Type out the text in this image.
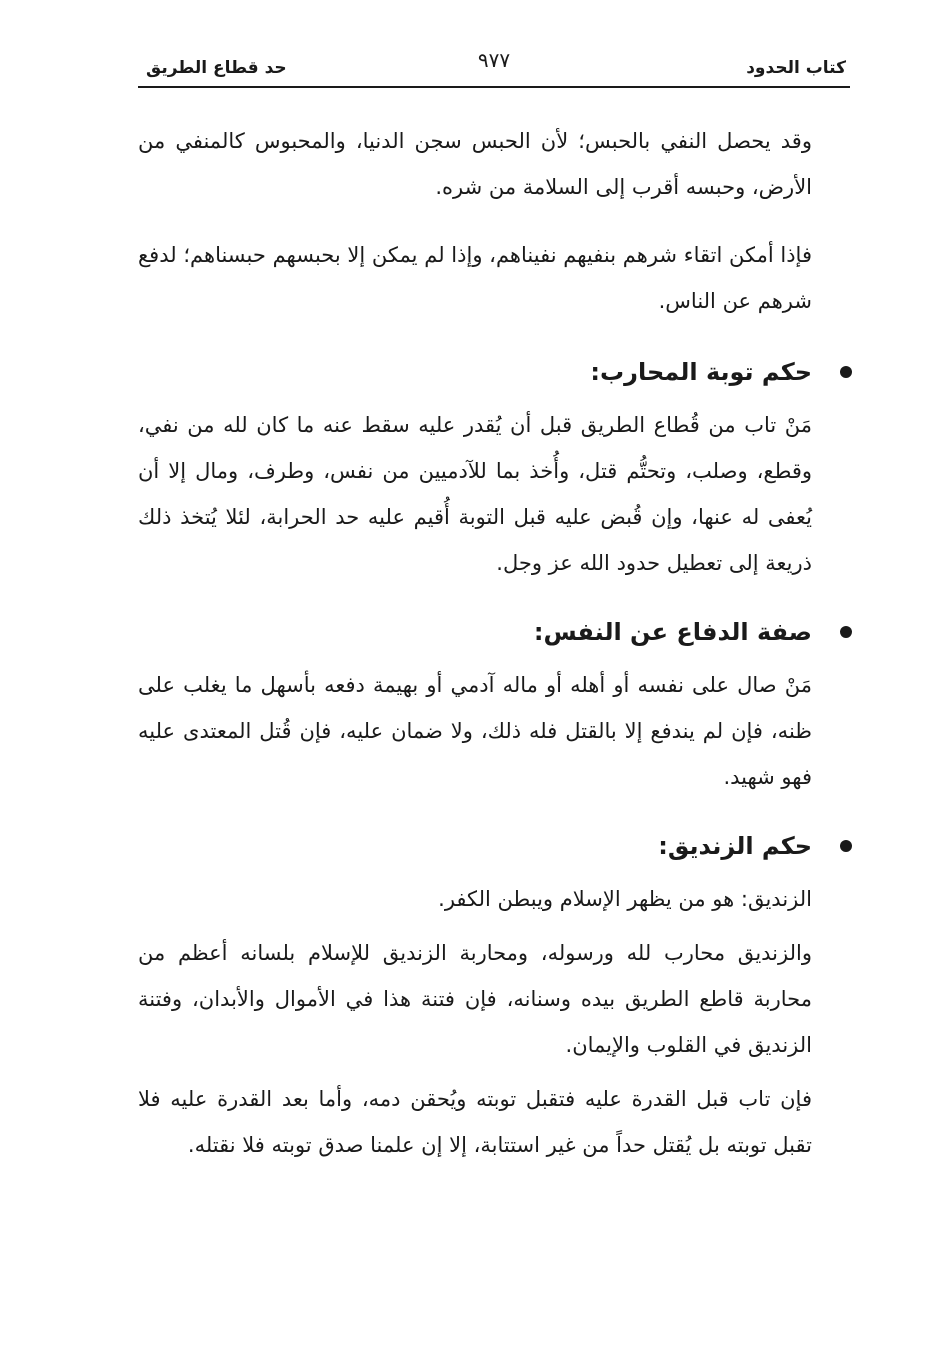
كتاب الحدود
٩٧٧
حد قطاع الطريق

وقد يحصل النفي بالحبس؛ لأن الحبس سجن الدنيا، والمحبوس كالمنفي من الأرض، وحبسه أقرب إلى السلامة من شره.

فإذا أمكن اتقاء شرهم بنفيهم نفيناهم، وإذا لم يمكن إلا بحبسهم حبسناهم؛ لدفع شرهم عن الناس.

حكم توبة المحارب:

مَنْ تاب من قُطاع الطريق قبل أن يُقدر عليه سقط عنه ما كان لله من نفي، وقطع، وصلب، وتحتُّم قتل، وأُخذ بما للآدميين من نفس، وطرف، ومال إلا أن يُعفى له عنها، وإن قُبض عليه قبل التوبة أُقيم عليه حد الحرابة، لئلا يُتخذ ذلك ذريعة إلى تعطيل حدود الله عز وجل.

صفة الدفاع عن النفس:

مَنْ صال على نفسه أو أهله أو ماله آدمي أو بهيمة دفعه بأسهل ما يغلب على ظنه، فإن لم يندفع إلا بالقتل فله ذلك، ولا ضمان عليه، فإن قُتل المعتدى عليه فهو شهيد.

حكم الزنديق:

الزنديق: هو من يظهر الإسلام ويبطن الكفر.

والزنديق محارب لله ورسوله، ومحاربة الزنديق للإسلام بلسانه أعظم من محاربة قاطع الطريق بيده وسنانه، فإن فتنة هذا في الأموال والأبدان، وفتنة الزنديق في القلوب والإيمان.

فإن تاب قبل القدرة عليه فتقبل توبته ويُحقن دمه، وأما بعد القدرة عليه فلا تقبل توبته بل يُقتل حداً من غير استتابة، إلا إن علمنا صدق توبته فلا نقتله.
